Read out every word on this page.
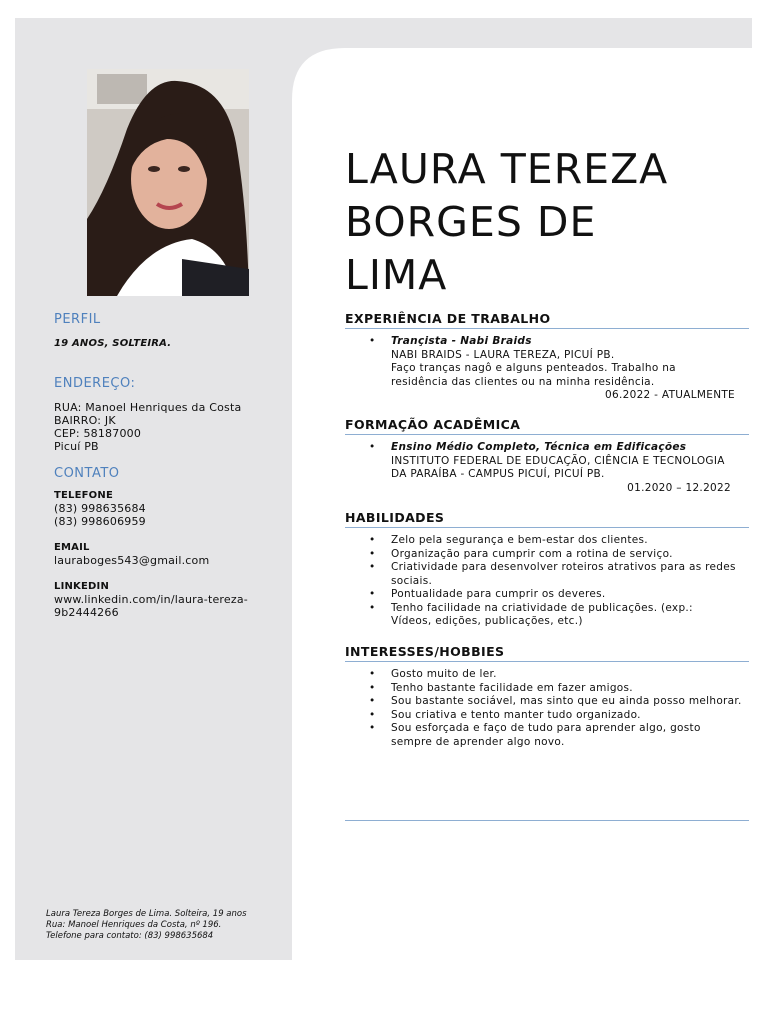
PERFIL

19 ANOS, SOLTEIRA.

ENDEREÇO:

RUA: Manoel Henriques da Costa

BAIRRO: JK

CEP: 58187000

Picuí PB

CONTATO

TELEFONE

(83) 998635684

(83) 998606959

EMAIL

lauraboges543@gmail.com

LINKEDIN

www.linkedin.com/in/laura-tereza-

9b2444266

Laura Tereza Borges de Lima. Solteira, 19 anos
Rua: Manoel Henriques da Costa, nº 196.
Telefone para contato: (83) 998635684
LAURA TEREZA
BORGES DE
LIMA
EXPERIÊNCIA DE TRABALHO
• Trançista - Nabi Braids
NABI BRAIDS - LAURA TEREZA, PICUÍ PB.
Faço tranças nagô e alguns penteados. Trabalho na
residência das clientes ou na minha residência.
06.2022 - ATUALMENTE
FORMAÇÃO ACADÊMICA
• Ensino Médio Completo, Técnica em Edificações
INSTITUTO FEDERAL DE EDUCAÇÃO, CIÊNCIA E TECNOLOGIA
DA PARAÍBA - CAMPUS PICUÍ, PICUÍ PB.
01.2020 – 12.2022
HABILIDADES
• Zelo pela segurança e bem-estar dos clientes.
• Organização para cumprir com a rotina de serviço.
• Criatividade para desenvolver roteiros atrativos para as redes
sociais.
• Pontualidade para cumprir os deveres.
• Tenho facilidade na criatividade de publicações. (exp.:
Vídeos, edições, publicações, etc.)
INTERESSES/HOBBIES
• Gosto muito de ler.
• Tenho bastante facilidade em fazer amigos.
• Sou bastante sociável, mas sinto que eu ainda posso melhorar.
• Sou criativa e tento manter tudo organizado.
• Sou esforçada e faço de tudo para aprender algo, gosto
sempre de aprender algo novo.
